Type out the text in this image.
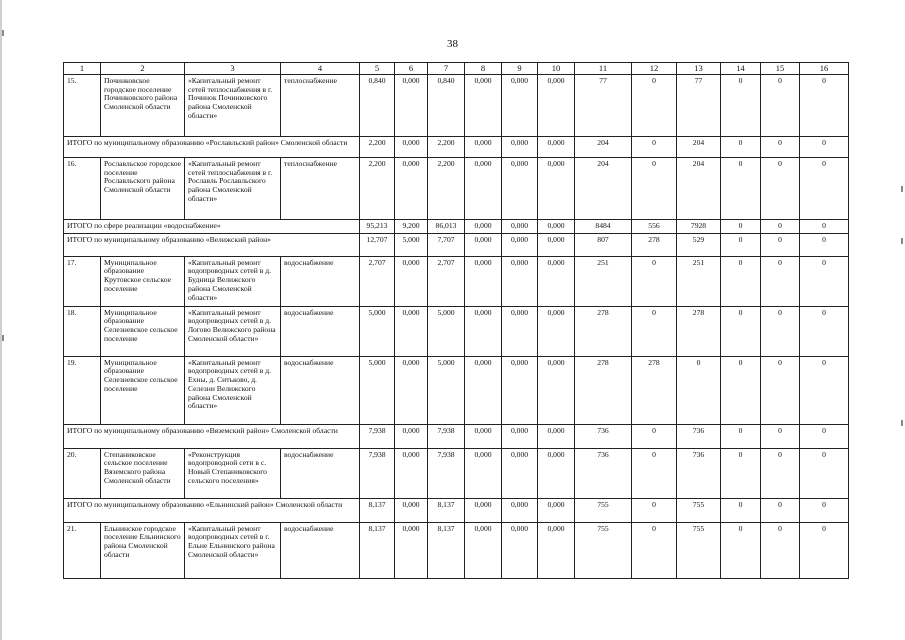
38
1	2	3	4	5	6	7	8	9	10	11	12	13	14	15	16
15.	Починковское городское поселение Починковского района Смоленской области	«Капитальный ремонт сетей теплоснабжения в г. Починок Починковского района Смоленской области»	теплоснабжение	0,840	0,000	0,840	0,000	0,000	0,000	77	0	77	0	0	0
ИТОГО по муниципальному образованию «Рославльский район» Смоленской области				2,200	0,000	2,200	0,000	0,000	0,000	204	0	204	0	0	0
16.	Рославльское городское поселение Рославльского района Смоленской области	«Капитальный ремонт сетей теплоснабжения в г. Рославль Рославльского района Смоленской области»	теплоснабжение	2,200	0,000	2,200	0,000	0,000	0,000	204	0	204	0	0	0
ИТОГО по сфере реализации «водоснабжение»				95,213	9,200	86,013	0,000	0,000	0,000	8484	556	7928	0	0	0
ИТОГО по муниципальному образованию «Велижский район»				12,707	5,000	7,707	0,000	0,000	0,000	807	278	529	0	0	0
17.	Муниципальное образование Крутовское сельское поселение	«Капитальный ремонт водопроводных сетей в д. Будница Велижского района Смоленской области»	водоснабжение	2,707	0,000	2,707	0,000	0,000	0,000	251	0	251	0	0	0
18.	Муниципальное образование Селезневское сельское поселение	«Капитальный ремонт водопроводных сетей в д. Логово Велижского района Смоленской области»	водоснабжение	5,000	0,000	5,000	0,000	0,000	0,000	278	0	278	0	0	0
19.	Муниципальное образование Селезневское сельское поселение	«Капитальный ремонт водопроводных сетей в д. Ехны, д. Ситьково, д. Селезни Велижского района Смоленской области»	водоснабжение	5,000	0,000	5,000	0,000	0,000	0,000	278	278	0	0	0	0
ИТОГО по муниципальному образованию «Вяземский район» Смоленской области				7,938	0,000	7,938	0,000	0,000	0,000	736	0	736	0	0	0
20.	Степаниковское сельское поселение Вяземского района Смоленской области	«Реконструкция водопроводной сети в с. Новый Степаниковского сельского поселения»	водоснабжение	7,938	0,000	7,938	0,000	0,000	0,000	736	0	736	0	0	0
ИТОГО по муниципальному образованию «Ельнинский район» Смоленской области				8,137	0,000	8,137	0,000	0,000	0,000	755	0	755	0	0	0
21.	Ельнинское городское поселение Ельнинского района Смоленской области	«Капитальный ремонт водопроводных сетей в г. Ельне Ельнинского района Смоленской области»	водоснабжение	8,137	0,000	8,137	0,000	0,000	0,000	755	0	755	0	0	0
